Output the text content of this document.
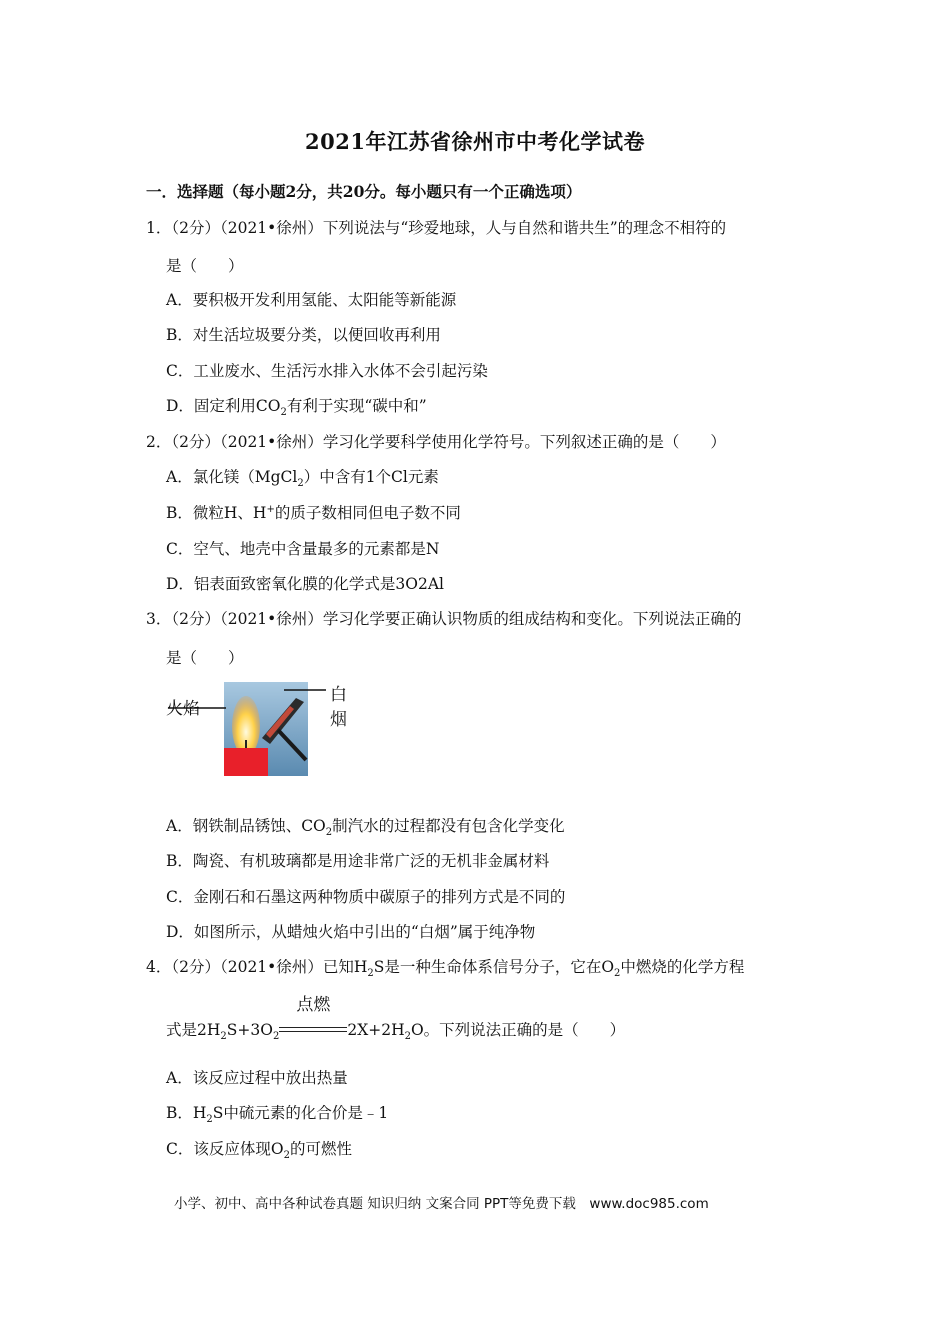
2021年江苏省徐州市中考化学试卷
一．选择题（每小题2分，共20分。每小题只有一个正确选项）
1．（2分）（2021•徐州）下列说法与“珍爱地球，人与自然和谐共生”的理念不相符的
是（　　）
A．要积极开发利用氢能、太阳能等新能源
B．对生活垃圾要分类，以便回收再利用
C．工业废水、生活污水排入水体不会引起污染
D．固定利用$CO_2$有利于实现“碳中和”
2．（2分）（2021•徐州）学习化学要科学使用化学符号。下列叙述正确的是（　　）
A．氯化镁（MgCl$_2$）中含有1个Cl元素
B．微粒H、H+的质子数相同但电子数不同
C．空气、地壳中含量最多的元素都是N
D．铝表面致密氧化膜的化学式是3O2Al
3．（2分）（2021•徐州）学习化学要正确认识物质的组成结构和变化。下列说法正确的
是（　　）
火焰
白烟
A．钢铁制品锈蚀、$CO_2$制汽水的过程都没有包含化学变化
B．陶瓷、有机玻璃都是用途非常广泛的无机非金属材料
C．金刚石和石墨这两种物质中碳原子的排列方式是不同的
D．如图所示，从蜡烛火焰中引出的“白烟”属于纯净物
4．（2分）（2021•徐州）已知$H_2S$是一种生命体系信号分子，它在$O_2$中燃烧的化学方程
式是$2H_2S+3O_2$
点燃
$2X+2H_2O$。下列说法正确的是（　　）
A．该反应过程中放出热量
B．$H_2S$中硫元素的化合价是﹣1
C．该反应体现$O_2$的可燃性
小学、初中、高中各种试卷真题 知识归纳 文案合同 PPT等免费下载　www.doc985.com
